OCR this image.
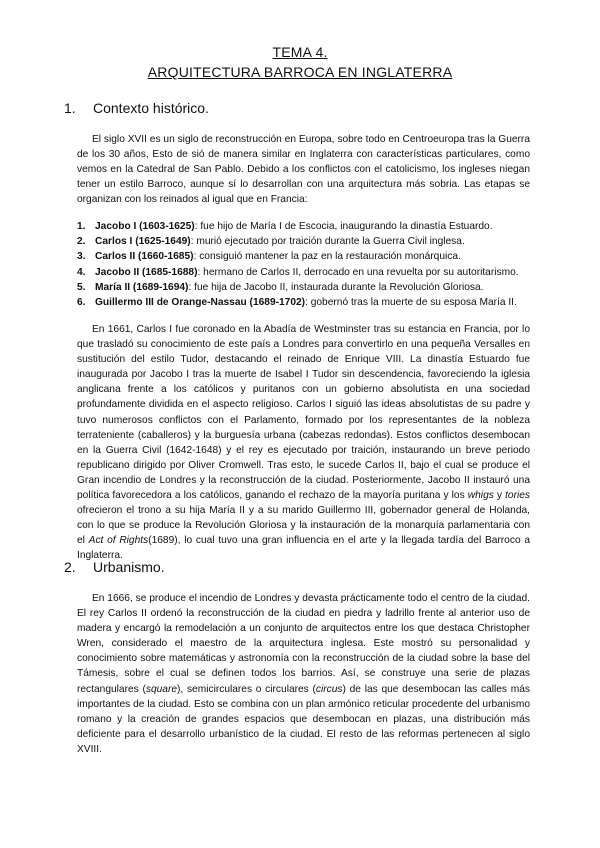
TEMA 4.
ARQUITECTURA BARROCA EN INGLATERRA
1. Contexto histórico.

El siglo XVII es un siglo de reconstrucción en Europa, sobre todo en Centroeuropa tras la Guerra de los 30 años, Esto de sió de manera similar en Inglaterra con características particulares, como vemos en la Catedral de San Pablo. Debido a los conflictos con el catolicismo, los ingleses niegan tener un estilo Barroco, aunque sí lo desarrollan con una arquitectura más sobria. Las etapas se organizan con los reinados al igual que en Francia:

1. Jacobo I (1603-1625): fue hijo de María I de Escocia, inaugurando la dinastía Estuardo.
2. Carlos I (1625-1649): murió ejecutado por traición durante la Guerra Civil inglesa.
3. Carlos II (1660-1685): consiguió mantener la paz en la restauración monárquica.
4. Jacobo II (1685-1688): hermano de Carlos II, derrocado en una revuelta por su autoritarismo.
5. María II (1689-1694): fue hija de Jacobo II, instaurada durante la Revolución Gloriosa.
6. Guillermo III de Orange-Nassau (1689-1702): gobernó tras la muerte de su esposa María II.

En 1661, Carlos I fue coronado en la Abadía de Westminster tras su estancia en Francia, por lo que trasladó su conocimiento de este país a Londres para convertirlo en una pequeña Versalles en sustitución del estilo Tudor, destacando el reinado de Enrique VIII. La dinastía Estuardo fue inaugurada por Jacobo I tras la muerte de Isabel I Tudor sin descendencia, favoreciendo la iglesia anglicana frente a los católicos y puritanos con un gobierno absolutista en una sociedad profundamente dividida en el aspecto religioso. Carlos I siguió las ideas absolutistas de su padre y tuvo numerosos conflictos con el Parlamento, formado por los representantes de la nobleza terrateniente (caballeros) y la burguesía urbana (cabezas redondas). Estos conflictos desembocan en la Guerra Civil (1642-1648) y el rey es ejecutado por traición, instaurando un breve periodo republicano dirigido por Oliver Cromwell. Tras esto, le sucede Carlos II, bajo el cual se produce el Gran incendio de Londres y la reconstrucción de la ciudad. Posteriormente, Jacobo II instauró una política favorecedora a los católicos, ganando el rechazo de la mayoría puritana y los whigs y tories ofrecieron el trono a su hija María II y a su marido Guillermo III, gobernador general de Holanda, con lo que se produce la Revolución Gloriosa y la instauración de la monarquía parlamentaria con el Act of Rights(1689), lo cual tuvo una gran influencia en el arte y la llegada tardía del Barroco a Inglaterra.

2. Urbanismo.

En 1666, se produce el incendio de Londres y devasta prácticamente todo el centro de la ciudad. El rey Carlos II ordenó la reconstrucción de la ciudad en piedra y ladrillo frente al anterior uso de madera y encargó la remodelación a un conjunto de arquitectos entre los que destaca Christopher Wren, considerado el maestro de la arquitectura inglesa. Este mostró su personalidad y conocimiento sobre matemáticas y astronomía con la reconstrucción de la ciudad sobre la base del Támesis, sobre el cual se definen todos los barrios. Así, se construye una serie de plazas rectangulares (square), semicirculares o circulares (circus) de las que desembocan las calles más importantes de la ciudad. Esto se combina con un plan armónico reticular procedente del urbanismo romano y la creación de grandes espacios que desembocan en plazas, una distribución más deficiente para el desarrollo urbanístico de la ciudad. El resto de las reformas pertenecen al siglo XVIII.
